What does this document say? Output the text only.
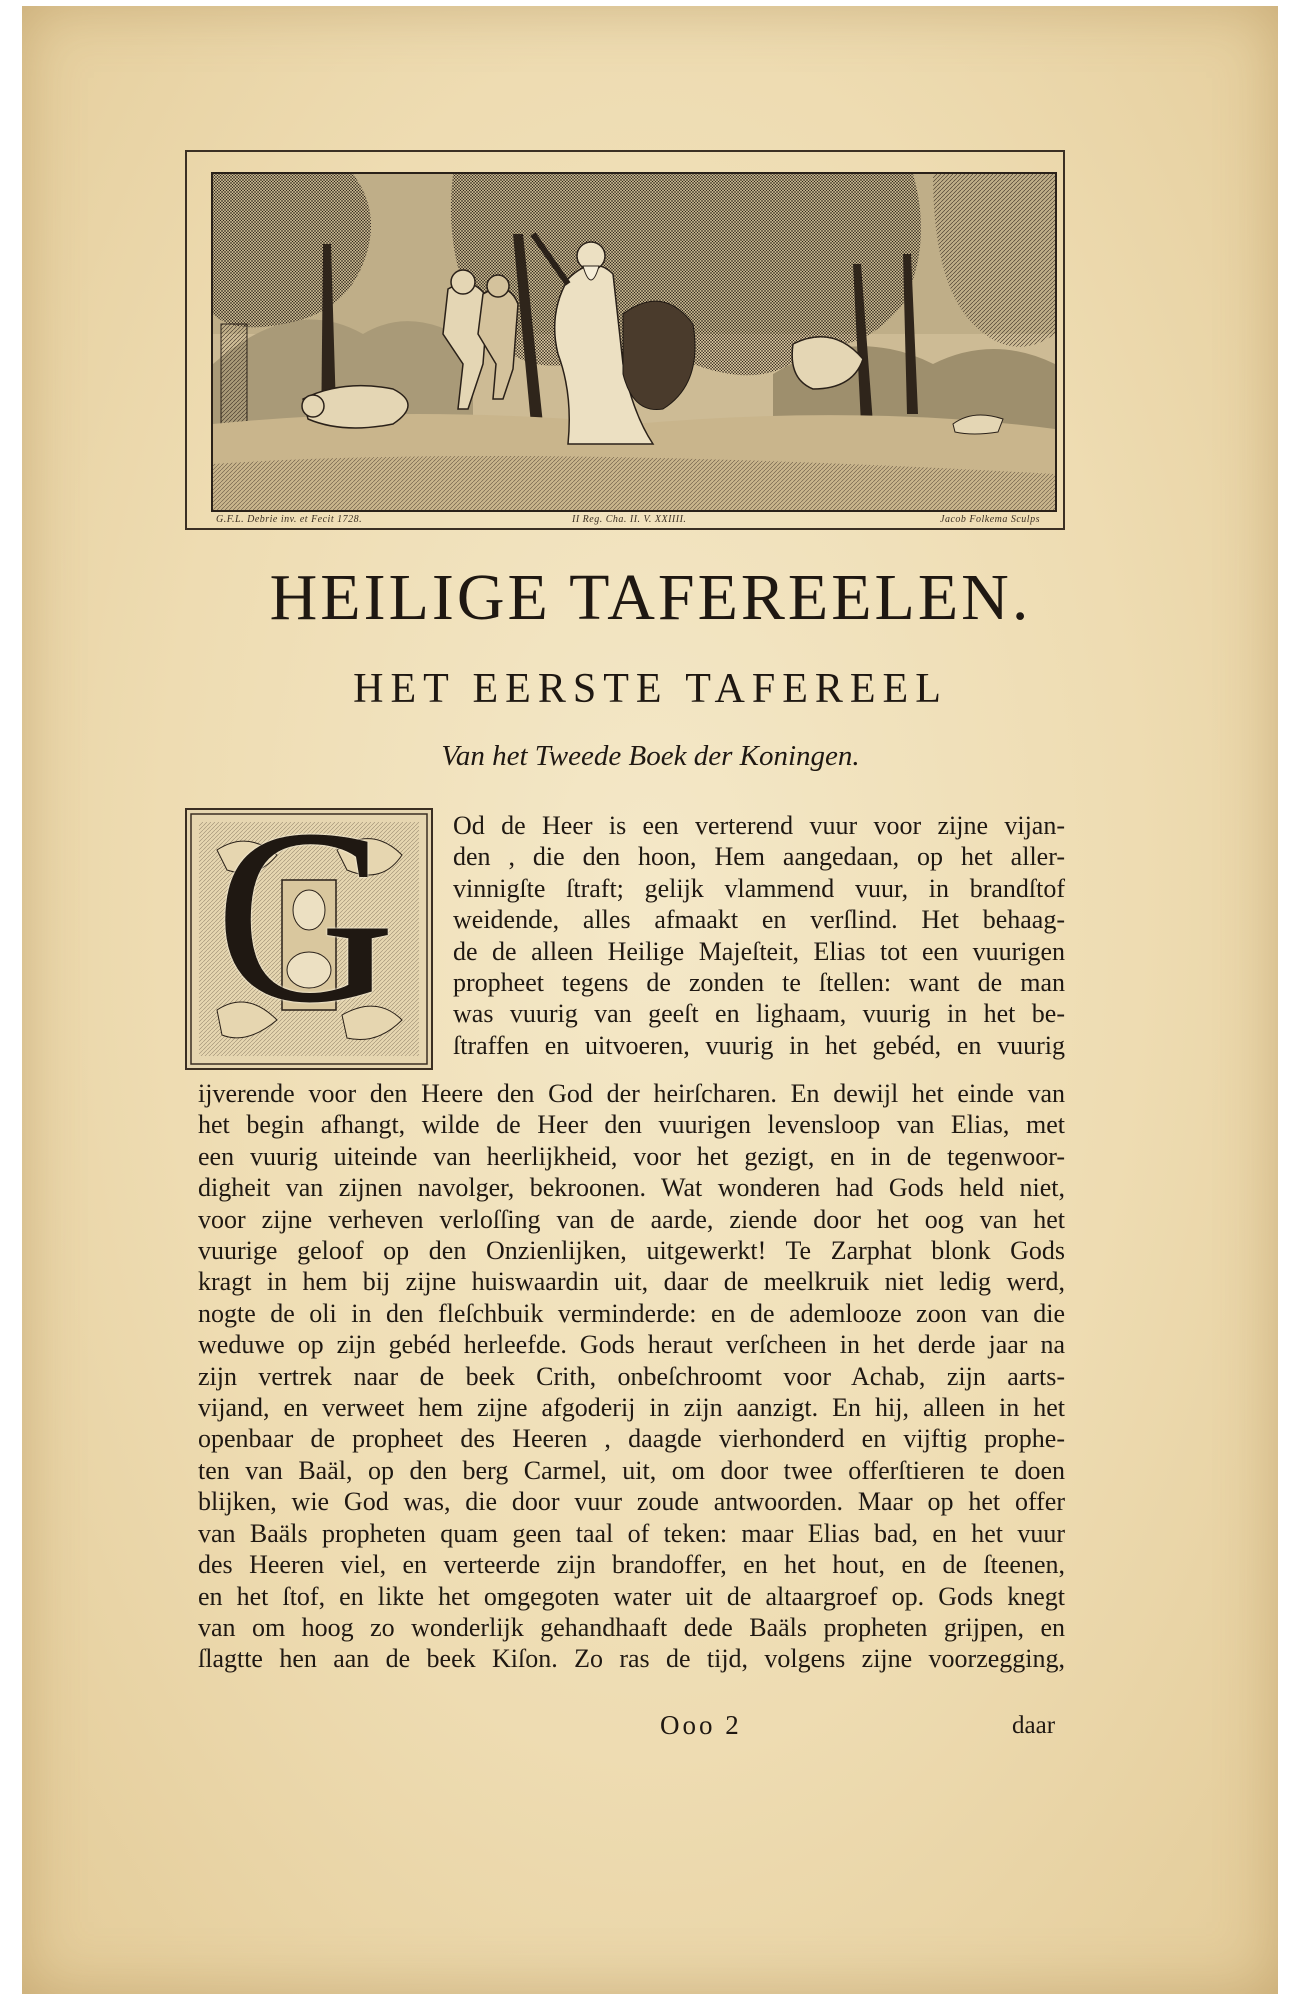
G.F.L. Debrie inv. et Fecit 1728.	II Reg. Cha. II. V. XXIIII.	Jacob Folkema Sculps
HEILIGE TAFEREELEN.
HET EERSTE TAFEREEL
Van het Tweede Boek der Koningen.
G Od de Heer is een verterend vuur voor zijne vijan-
den , die den hoon, Hem aangedaan, op het aller-
vinnigſte ſtraft; gelijk vlammend vuur, in brandſtof
weidende, alles afmaakt en verſlind. Het behaag-
de de alleen Heilige Majeſteit, Elias tot een vuurigen
propheet tegens de zonden te ſtellen: want de man
was vuurig van geeſt en lighaam, vuurig in het be-
ſtraffen en uitvoeren, vuurig in het gebéd, en vuurig
ijverende voor den Heere den God der heirſcharen. En dewijl het einde van
het begin afhangt, wilde de Heer den vuurigen levensloop van Elias, met
een vuurig uiteinde van heerlijkheid, voor het gezigt, en in de tegenwoor-
digheit van zijnen navolger, bekroonen. Wat wonderen had Gods held niet,
voor zijne verheven verloſſing van de aarde, ziende door het oog van het
vuurige geloof op den Onzienlijken, uitgewerkt! Te Zarphat blonk Gods
kragt in hem bij zijne huiswaardin uit, daar de meelkruik niet ledig werd,
nogte de oli in den fleſchbuik verminderde: en de ademlooze zoon van die
weduwe op zijn gebéd herleefde. Gods heraut verſcheen in het derde jaar na
zijn vertrek naar de beek Crith, onbeſchroomt voor Achab, zijn aarts-
vijand, en verweet hem zijne afgoderij in zijn aanzigt. En hij, alleen in het
openbaar de propheet des Heeren , daagde vierhonderd en vijftig prophe-
ten van Baäl, op den berg Carmel, uit, om door twee offerſtieren te doen
blijken, wie God was, die door vuur zoude antwoorden. Maar op het offer
van Baäls propheten quam geen taal of teken: maar Elias bad, en het vuur
des Heeren viel, en verteerde zijn brandoffer, en het hout, en de ſteenen,
en het ſtof, en likte het omgegoten water uit de altaargroef op. Gods knegt
van om hoog zo wonderlijk gehandhaaft dede Baäls propheten grijpen, en
ſlagtte hen aan de beek Kiſon. Zo ras de tijd, volgens zijne voorzegging,
Ooo 2	daar
